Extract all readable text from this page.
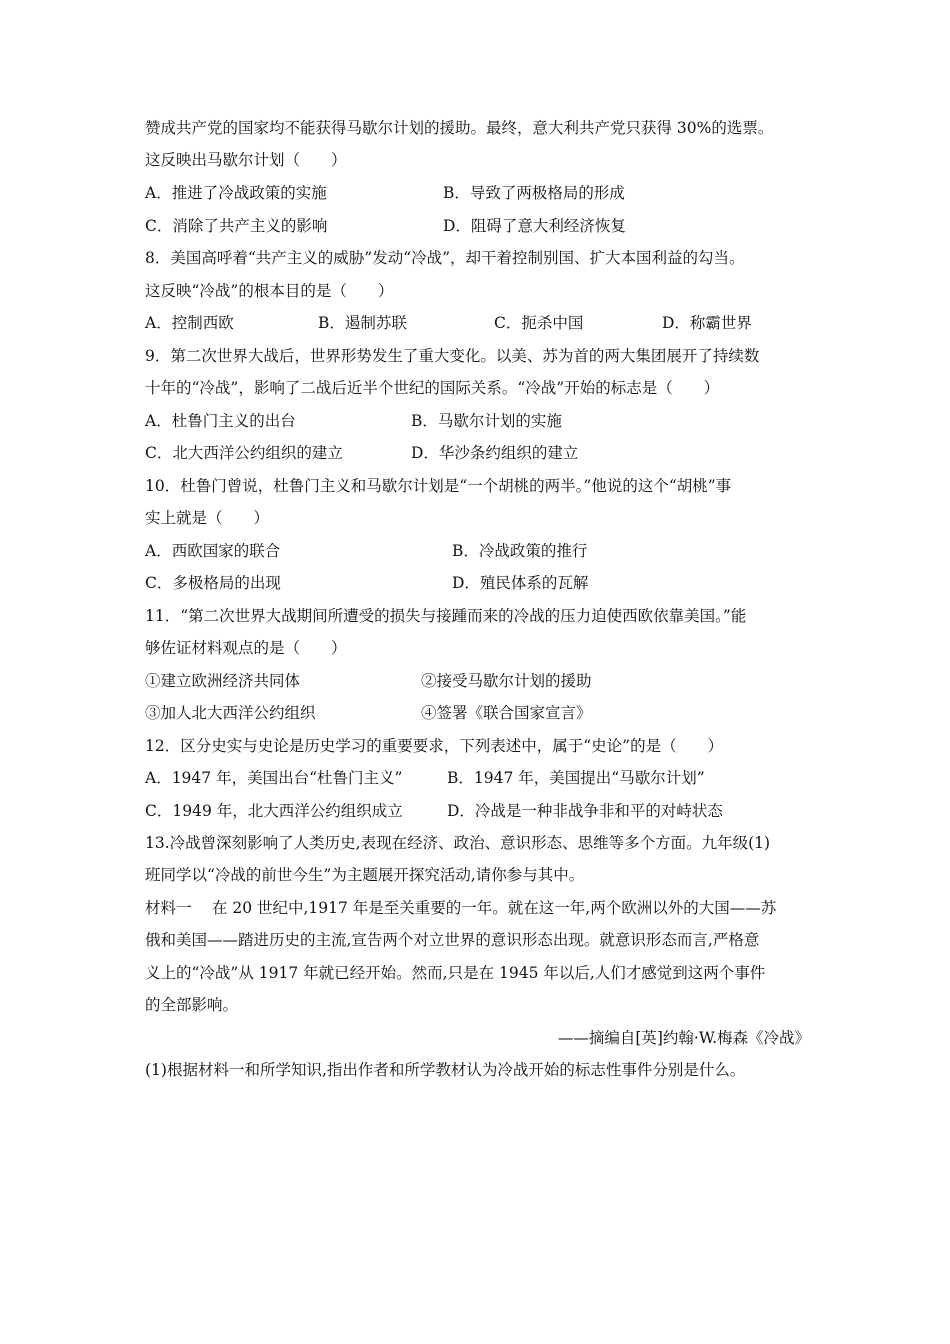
赞成共产党的国家均不能获得马歇尔计划的援助。最终，意大利共产党只获得 30%的选票。
这反映出马歇尔计划（　　）
A．推进了冷战政策的实施	B．导致了两极格局的形成
C．消除了共产主义的影响	D．阻碍了意大利经济恢复
8．美国高呼着“共产主义的威胁”发动“冷战”，却干着控制别国、扩大本国利益的勾当。
这反映“冷战”的根本目的是（　　）
A．控制西欧	B．遏制苏联	C．扼杀中国	D．称霸世界
9．第二次世界大战后，世界形势发生了重大变化。以美、苏为首的两大集团展开了持续数
十年的“冷战”，影响了二战后近半个世纪的国际关系。“冷战”开始的标志是（　　）
A．杜鲁门主义的出台	B．马歇尔计划的实施
C．北大西洋公约组织的建立	D．华沙条约组织的建立
10．杜鲁门曾说，杜鲁门主义和马歇尔计划是“一个胡桃的两半。”他说的这个“胡桃”事
实上就是（　　）
A．西欧国家的联合	B．冷战政策的推行
C．多极格局的出现	D．殖民体系的瓦解
11．“第二次世界大战期间所遭受的损失与接踵而来的冷战的压力迫使西欧依靠美国。”能
够佐证材料观点的是（　　）
①建立欧洲经济共同体	②接受马歇尔计划的援助
③加人北大西洋公约组织	④签署《联合国家宣言》
12．区分史实与史论是历史学习的重要要求，下列表述中，属于“史论”的是（　　）
A．1947 年，美国出台“杜鲁门主义”	B．1947 年，美国提出“马歇尔计划”
C．1949 年，北大西洋公约组织成立	D．冷战是一种非战争非和平的对峙状态
13.冷战曾深刻影响了人类历史,表现在经济、政治、意识形态、思维等多个方面。九年级(1)
班同学以“冷战的前世今生”为主题展开探究活动,请你参与其中。
材料一　 在 20 世纪中,1917 年是至关重要的一年。就在这一年,两个欧洲以外的大国——苏
俄和美国——踏进历史的主流,宣告两个对立世界的意识形态出现。就意识形态而言,严格意
义上的“冷战”从 1917 年就已经开始。然而,只是在 1945 年以后,人们才感觉到这两个事件
的全部影响。
——摘编自[英]约翰·W.梅森《冷战》
(1)根据材料一和所学知识,指出作者和所学教材认为冷战开始的标志性事件分别是什么。
